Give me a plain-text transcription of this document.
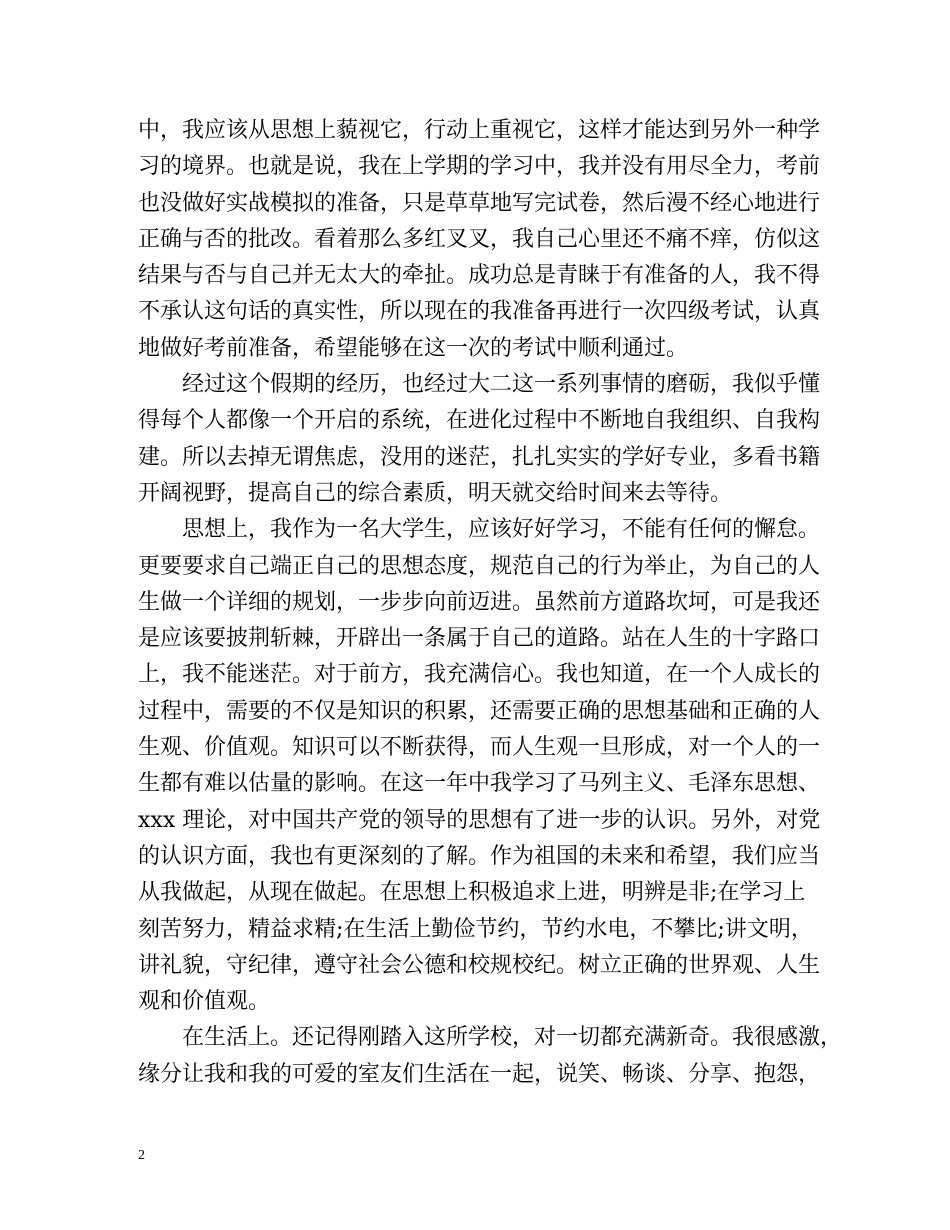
中，我应该从思想上藐视它，行动上重视它，这样才能达到另外一种学
习的境界。也就是说，我在上学期的学习中，我并没有用尽全力，考前
也没做好实战模拟的准备，只是草草地写完试卷，然后漫不经心地进行
正确与否的批改。看着那么多红叉叉，我自己心里还不痛不痒，仿似这
结果与否与自己并无太大的牵扯。成功总是青睐于有准备的人，我不得
不承认这句话的真实性，所以现在的我准备再进行一次四级考试，认真
地做好考前准备，希望能够在这一次的考试中顺利通过。
经过这个假期的经历，也经过大二这一系列事情的磨砺，我似乎懂
得每个人都像一个开启的系统，在进化过程中不断地自我组织、自我构
建。所以去掉无谓焦虑，没用的迷茫，扎扎实实的学好专业，多看书籍
开阔视野，提高自己的综合素质，明天就交给时间来去等待。
思想上，我作为一名大学生，应该好好学习，不能有任何的懈怠。
更要要求自己端正自己的思想态度，规范自己的行为举止，为自己的人
生做一个详细的规划，一步步向前迈进。虽然前方道路坎坷，可是我还
是应该要披荆斩棘，开辟出一条属于自己的道路。站在人生的十字路口
上，我不能迷茫。对于前方，我充满信心。我也知道，在一个人成长的
过程中，需要的不仅是知识的积累，还需要正确的思想基础和正确的人
生观、价值观。知识可以不断获得，而人生观一旦形成，对一个人的一
生都有难以估量的影响。在这一年中我学习了马列主义、毛泽东思想、
xxx 理论，对中国共产党的领导的思想有了进一步的认识。另外，对党
的认识方面，我也有更深刻的了解。作为祖国的未来和希望，我们应当
从我做起，从现在做起。在思想上积极追求上进，明辨是非;在学习上
刻苦努力，精益求精;在生活上勤俭节约，节约水电，不攀比;讲文明，
讲礼貌，守纪律，遵守社会公德和校规校纪。树立正确的世界观、人生
观和价值观。
在生活上。还记得刚踏入这所学校，对一切都充满新奇。我很感激，
缘分让我和我的可爱的室友们生活在一起，说笑、畅谈、分享、抱怨，
2
